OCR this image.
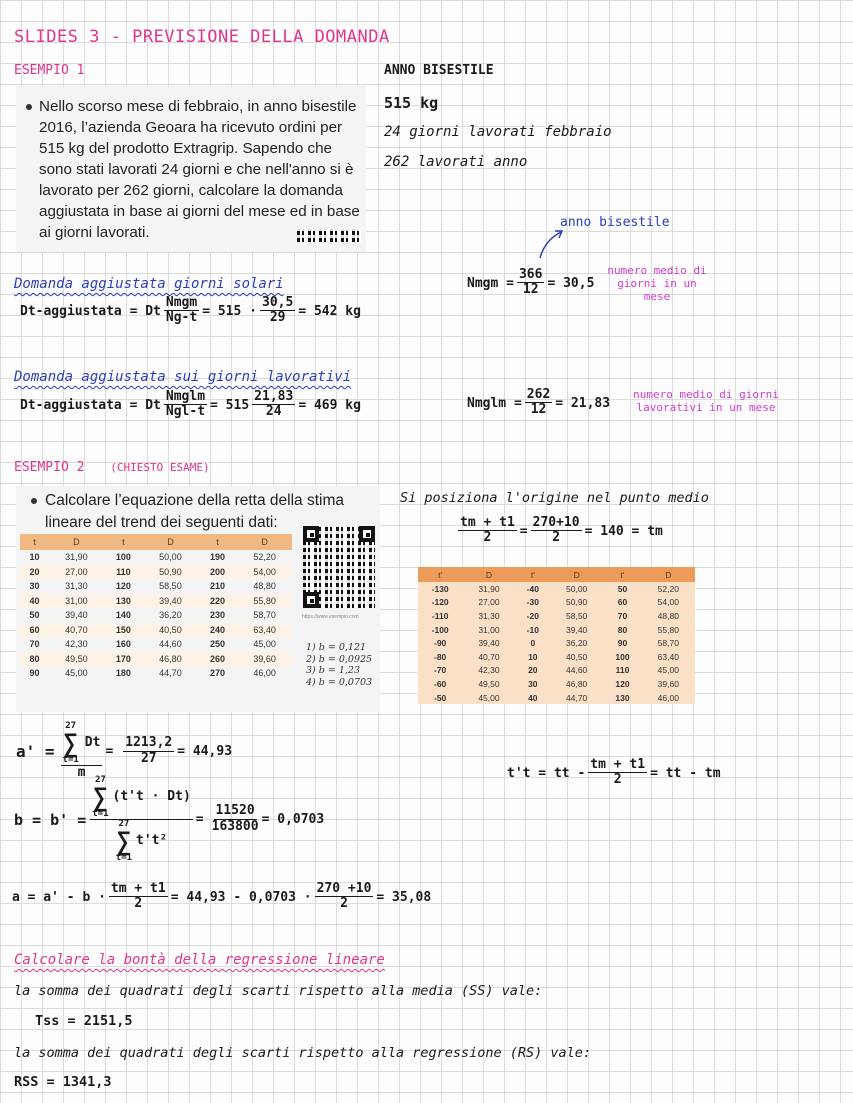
SLIDES 3 - PREVISIONE DELLA DOMANDA
ESEMPIO 1
Nello scorso mese di febbraio, in anno bisestile 2016, l’azienda Geoara ha ricevuto ordini per 515 kg del prodotto Extragrip. Sapendo che sono stati lavorati 24 giorni e che nell'anno si è lavorato per 262 giorni, calcolare la domanda aggiustata in base ai giorni del mese ed in base ai giorni lavorati.
ANNO BISESTILE
515 kg
24 giorni lavorati febbraio
262 lavorati anno
anno bisestile
Domanda aggiustata giorni solari
Dt-aggiustata = Dt $\frac{\text{Nmgm}}{Ng-t} = 515 \cdot \frac{30,5}{29} = 542$ kg
Nmgm = $\frac{366}{12} = 30,5$
numero medio di giorni in un mese
Domanda aggiustata sui giorni lavorativi
Dt-aggiustata = Dt $\frac{\text{Nmglm}}{\text{Ngl-t}} = 515 \frac{21,83}{24} = 469$ kg	Nmglm = $\frac{262}{12} = 21,83$
numero medio di giorni lavorativi in un mese
ESEMPIO 2 (CHIESTO ESAME)
Calcolare l’equazione della retta della stima lineare del trend dei seguenti dati:
t	D	t	D	t	D
10	31,90	100	50,00	190	52,20
20	27,00	110	50,90	200	54,00
30	31,30	120	58,50	210	48,80
40	31,00	130	39,40	220	55,80
50	39,40	140	36,20	230	58,70
60	40,70	150	40,50	240	63,40
70	42,30	160	44,60	250	45,00
80	49,50	170	46,80	260	39,60
90	45,00	180	44,70	270	46,00
https://www.esempio.com
1) b = 0,121
2) b = 0,0925
3) b = 1,23
4) b = 0,0703
Si posiziona l'origine nel punto medio
$\frac{tm + t1}{2} = \frac{270+10}{2} = 140$ = tm
t'	D	t'	D	t'	D
-130	31,90	-40	50,00	50	52,20
-120	27,00	-30	50,90	60	54,00
-110	31,30	-20	58,50	70	48,80
-100	31,00	-10	39,40	80	55,80
-90	39,40	0	36,20	90	58,70
-80	40,70	10	40,50	100	63,40
-70	42,30	20	44,60	110	45,00
-60	49,50	30	46,80	120	39,60
-50	45,00	40	44,70	130	46,00
a' = 27
∑
t=1
Dt
$m = \frac{1213,2}{27} = 44,93$
b = b' = 27
∑
t=1
(t't · Dt)
27
∑
t=1
$t't^2 = \frac{11520}{163800} = 0,0703$
t't = tt - $\frac{tm + t1}{2}$ = tt - tm
$a = a' - b \cdot \frac{tm + t1}{2} = 44,93 - 0,0703 \cdot \frac{270 +10}{2} = 35,08$
Calcolare la bontà della regressione lineare
la somma dei quadrati degli scarti rispetto alla media (SS) vale:
Tss = 2151,5
la somma dei quadrati degli scarti rispetto alla regressione (RS) vale:
RSS = 1341,3
